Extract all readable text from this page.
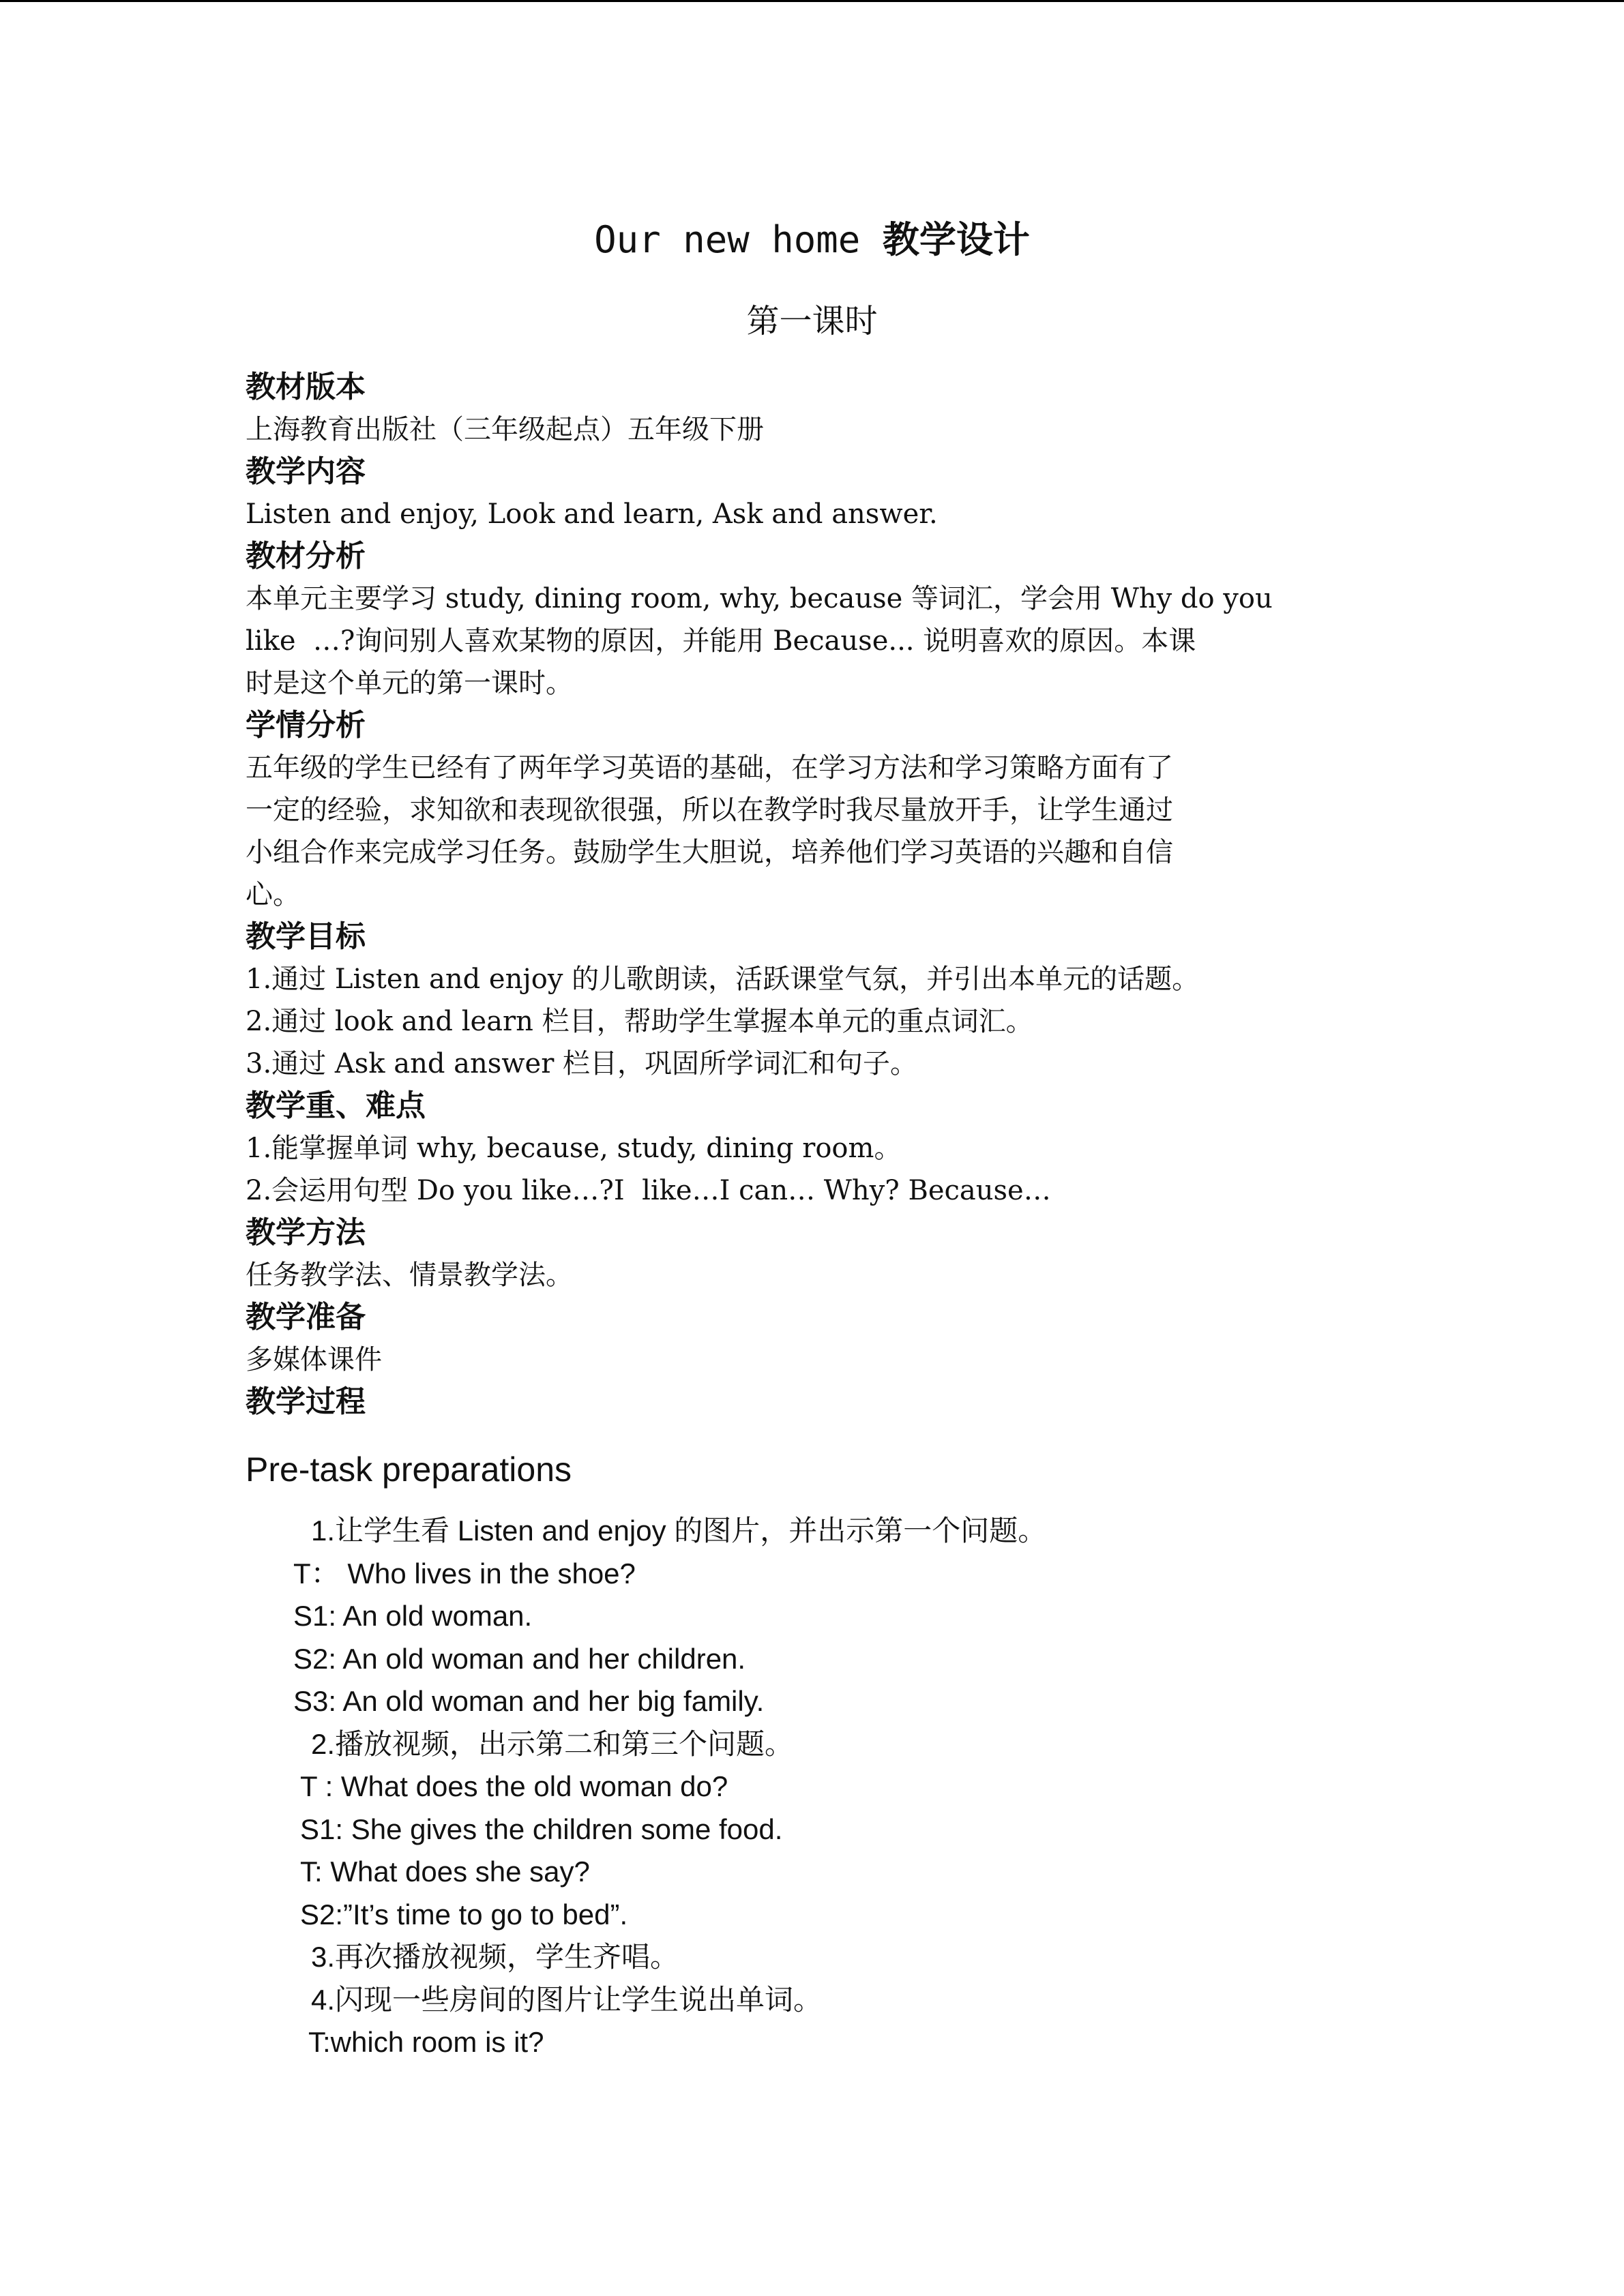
Our new home 教学设计
第一课时

教材版本

上海教育出版社（三年级起点）五年级下册

教学内容

Listen and enjoy, Look and learn, Ask and answer.

教材分析

本单元主要学习 study, dining room, why, because 等词汇，学会用 Why do you

like  …?询问别人喜欢某物的原因，并能用 Because... 说明喜欢的原因。本课

时是这个单元的第一课时。

学情分析

五年级的学生已经有了两年学习英语的基础，在学习方法和学习策略方面有了

一定的经验，求知欲和表现欲很强，所以在教学时我尽量放开手，让学生通过

小组合作来完成学习任务。鼓励学生大胆说，培养他们学习英语的兴趣和自信

心。

教学目标

1.通过 Listen and enjoy 的儿歌朗读，活跃课堂气氛，并引出本单元的话题。

2.通过 look and learn 栏目，帮助学生掌握本单元的重点词汇。

3.通过 Ask and answer 栏目，巩固所学词汇和句子。

教学重、难点

1.能掌握单词 why, because, study, dining room。

2.会运用句型 Do you like…?I  like…I can… Why? Because…

教学方法

任务教学法、情景教学法。

教学准备

多媒体课件

教学过程

Pre-task preparations

1.让学生看 Listen and enjoy 的图片，并出示第一个问题。

T： Who lives in the shoe?

S1: An old woman.

S2: An old woman and her children.

S3: An old woman and her big family.

2.播放视频，出示第二和第三个问题。

T : What does the old woman do?

S1: She gives the children some food.

T: What does she say?

S2:”It’s time to go to bed”.

3.再次播放视频，学生齐唱。

4.闪现一些房间的图片让学生说出单词。

T:which room is it?
